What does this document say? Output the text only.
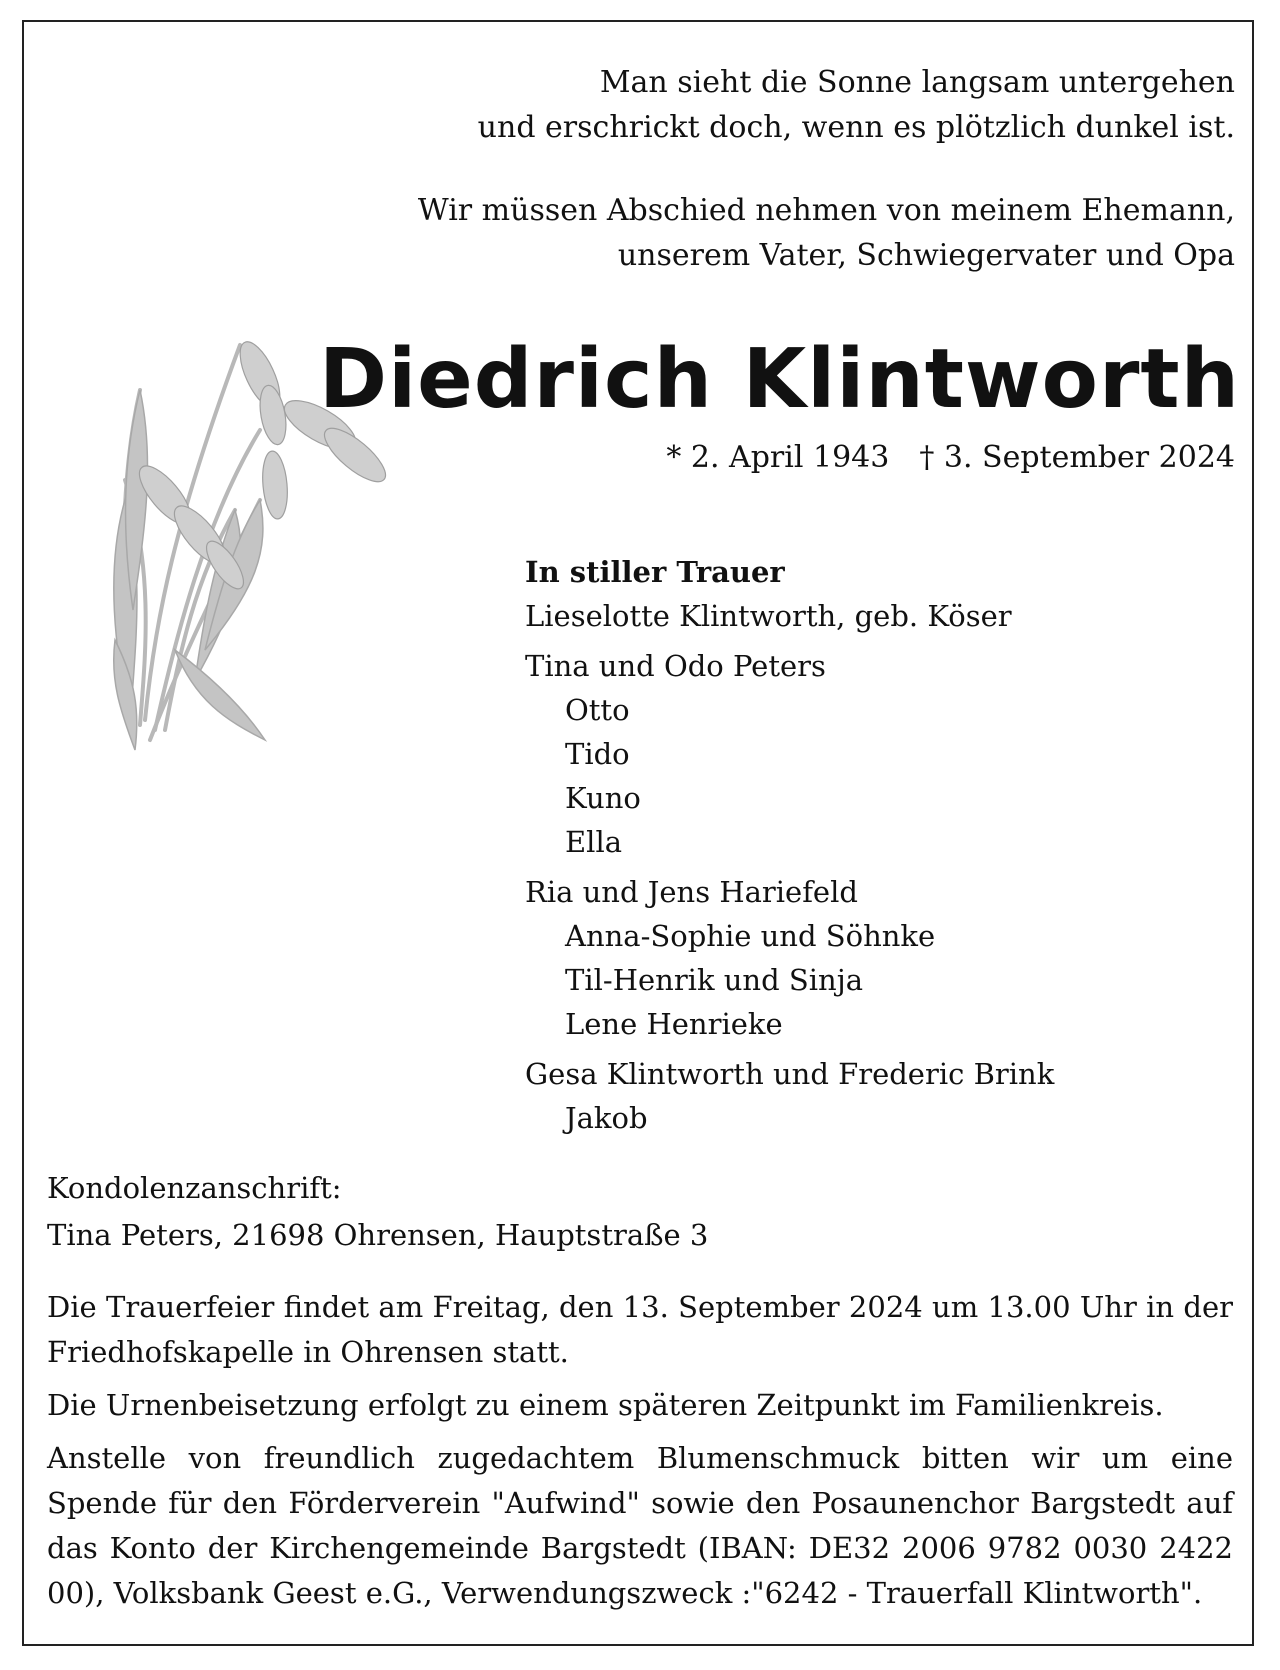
Man sieht die Sonne langsam untergehen
und erschrickt doch, wenn es plötzlich dunkel ist.
Wir müssen Abschied nehmen von meinem Ehemann,
unserem Vater, Schwiegervater und Opa
Diedrich Klintworth
* 2. April 1943 † 3. September 2024
In stiller Trauer
Lieselotte Klintworth, geb. Köser
Tina und Odo Peters
Otto
Tido
Kuno
Ella
Ria und Jens Hariefeld
Anna-Sophie und Söhnke
Til-Henrik und Sinja
Lene Henrieke
Gesa Klintworth und Frederic Brink
Jakob
Kondolenzanschrift:
Tina Peters, 21698 Ohrensen, Hauptstraße 3

Die Trauerfeier findet am Freitag, den 13. September 2024 um 13.00 Uhr in der Friedhofskapelle in Ohrensen statt.

Die Urnenbeisetzung erfolgt zu einem späteren Zeitpunkt im Familienkreis.

Anstelle von freundlich zugedachtem Blumenschmuck bitten wir um eine Spende für den Förderverein "Aufwind" sowie den Posaunenchor Bargstedt auf das Konto der Kirchengemeinde Bargstedt (IBAN: DE32 2006 9782 0030 2422 00), Volksbank Geest e.G., Verwendungszweck :"6242 - Trauerfall Klintworth".
